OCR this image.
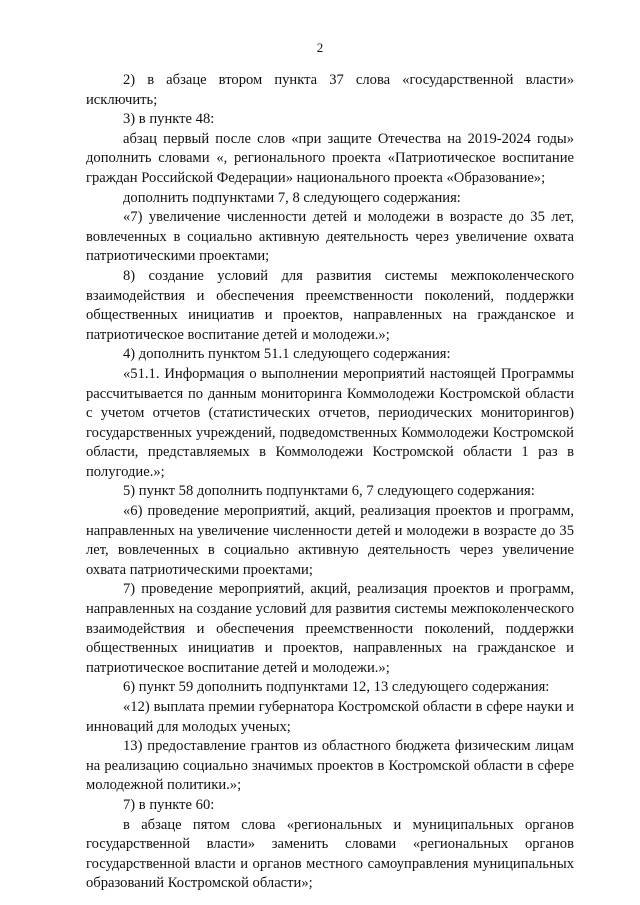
2

2) в абзаце втором пункта 37 слова «государственной власти» исключить;

3) в пункте 48:

абзац первый после слов «при защите Отечества на 2019-2024 годы» дополнить словами «, регионального проекта «Патриотическое воспитание граждан Российской Федерации» национального проекта «Образование»;

дополнить подпунктами 7, 8 следующего содержания:

«7) увеличение численности детей и молодежи в возрасте до 35 лет, вовлеченных в социально активную деятельность через увеличение охвата патриотическими проектами;

8) создание условий для развития системы межпоколенческого взаимодействия и обеспечения преемственности поколений, поддержки общественных инициатив и проектов, направленных на гражданское и патриотическое воспитание детей и молодежи.»;

4) дополнить пунктом 51.1 следующего содержания:

«51.1. Информация о выполнении мероприятий настоящей Программы рассчитывается по данным мониторинга Коммолодежи Костромской области с учетом отчетов (статистических отчетов, периодических мониторингов) государственных учреждений, подведомственных Коммолодежи Костромской области, представляемых в Коммолодежи Костромской области 1 раз в полугодие.»;

5) пункт 58 дополнить подпунктами 6, 7 следующего содержания:

«6) проведение мероприятий, акций, реализация проектов и программ, направленных на увеличение численности детей и молодежи в возрасте до 35 лет, вовлеченных в социально активную деятельность через увеличение охвата патриотическими проектами;

7) проведение мероприятий, акций, реализация проектов и программ, направленных на создание условий для развития системы межпоколенческого взаимодействия и обеспечения преемственности поколений, поддержки общественных инициатив и проектов, направленных на гражданское и патриотическое воспитание детей и молодежи.»;

6) пункт 59 дополнить подпунктами 12, 13 следующего содержания:

«12) выплата премии губернатора Костромской области в сфере науки и инноваций для молодых ученых;

13) предоставление грантов из областного бюджета физическим лицам на реализацию социально значимых проектов в Костромской области в сфере молодежной политики.»;

7) в пункте 60:

в абзаце пятом слова «региональных и муниципальных органов государственной власти» заменить словами «региональных органов государственной власти и органов местного самоуправления муниципальных образований Костромской области»;
